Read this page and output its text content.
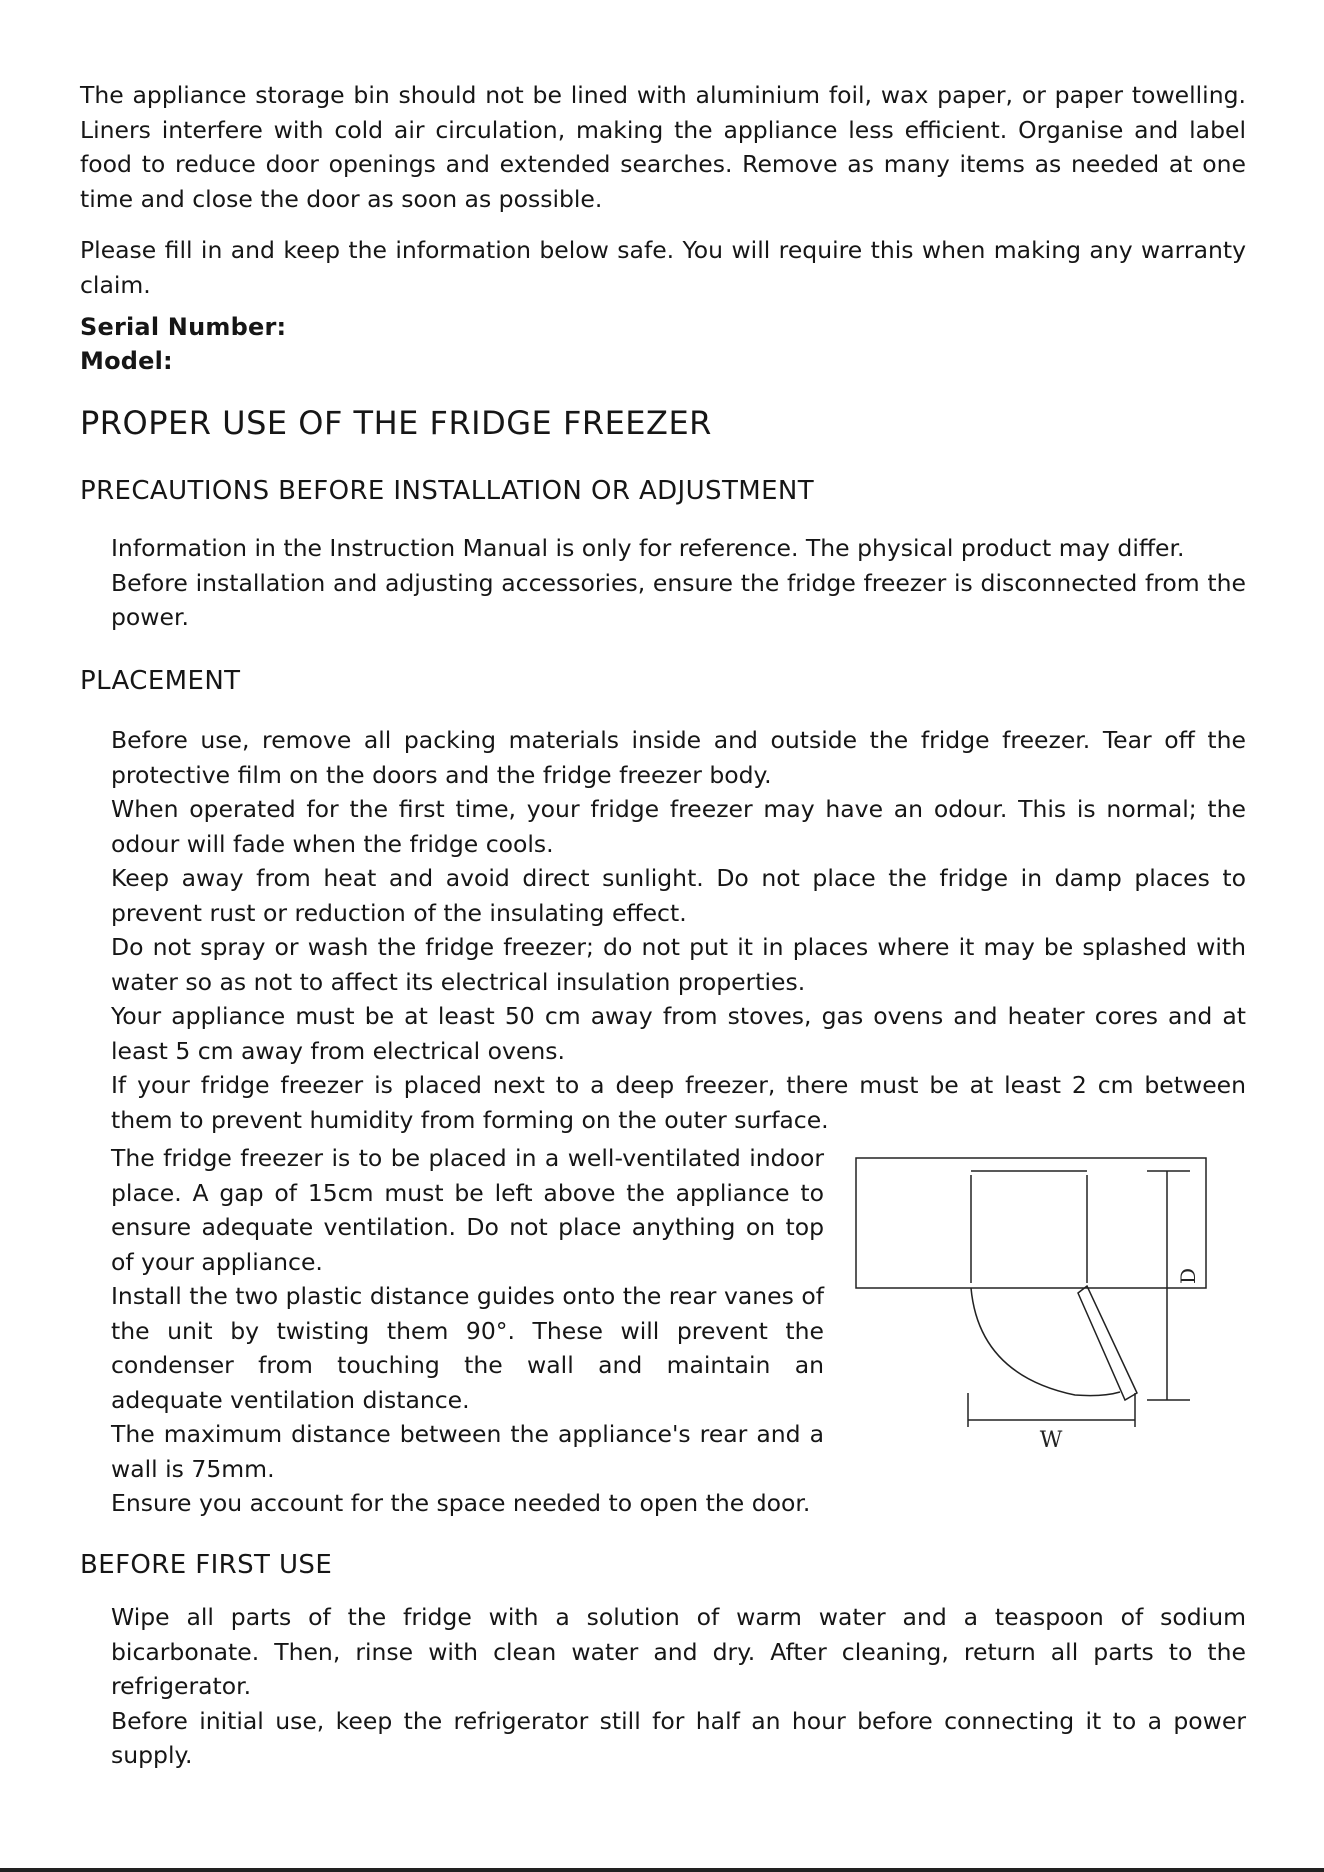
The appliance storage bin should not be lined with aluminium foil, wax paper, or paper towelling. Liners interfere with cold air circulation, making the appliance less efficient. Organise and label food to reduce door openings and extended searches. Remove as many items as needed at one time and close the door as soon as possible.

Please fill in and keep the information below safe. You will require this when making any warranty claim.

Serial Number:
Model:
PROPER USE OF THE FRIDGE FREEZER
PRECAUTIONS BEFORE INSTALLATION OR ADJUSTMENT

Information in the Instruction Manual is only for reference. The physical product may differ.

Before installation and adjusting accessories, ensure the fridge freezer is disconnected from the power.

PLACEMENT

Before use, remove all packing materials inside and outside the fridge freezer. Tear off the protective film on the doors and the fridge freezer body.

When operated for the first time, your fridge freezer may have an odour. This is normal; the odour will fade when the fridge cools.

Keep away from heat and avoid direct sunlight. Do not place the fridge in damp places to prevent rust or reduction of the insulating effect.

Do not spray or wash the fridge freezer; do not put it in places where it may be splashed with water so as not to affect its electrical insulation properties.

Your appliance must be at least 50 cm away from stoves, gas ovens and heater cores and at least 5 cm away from electrical ovens.

If your fridge freezer is placed next to a deep freezer, there must be at least 2 cm between them to prevent humidity from forming on the outer surface.

The fridge freezer is to be placed in a well-ventilated indoor place. A gap of 15cm must be left above the appliance to ensure adequate ventilation. Do not place anything on top of your appliance.

Install the two plastic distance guides onto the rear vanes of the unit by twisting them 90°. These will prevent the condenser from touching the wall and maintain an adequate ventilation distance.

The maximum distance between the appliance's rear and a wall is 75mm.

Ensure you account for the space needed to open the door.

BEFORE FIRST USE

Wipe all parts of the fridge with a solution of warm water and a teaspoon of sodium bicarbonate. Then, rinse with clean water and dry. After cleaning, return all parts to the refrigerator.

Before initial use, keep the refrigerator still for half an hour before connecting it to a power supply.

W
D
